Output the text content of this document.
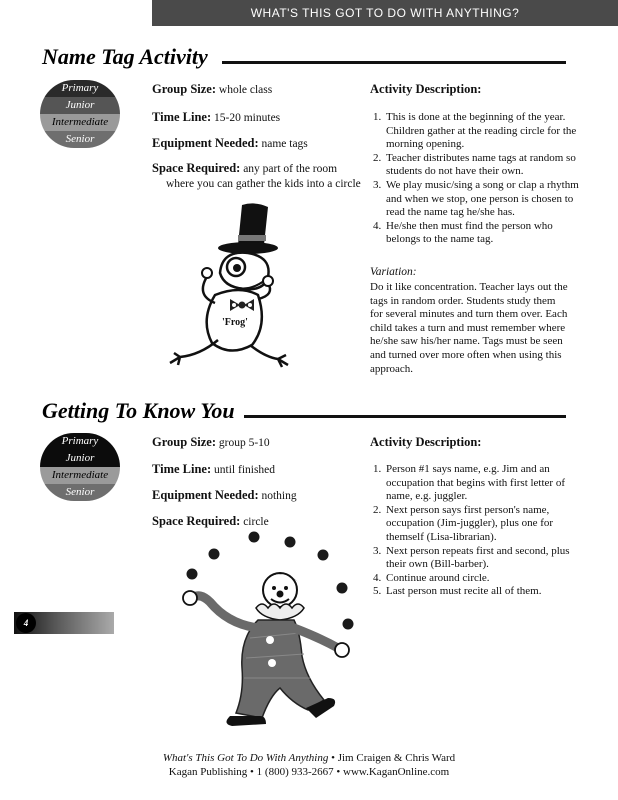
WHAT'S THIS GOT TO DO WITH ANYTHING?
Name Tag Activity
Primary
Junior
Intermediate
Senior
Group Size: whole class
Time Line: 15-20 minutes
Equipment Needed: name tags
Space Required: any part of the room
where you can gather the kids into a circle
'Frog'
Activity Description:
1. This is done at the beginning of the year. Children gather at the reading circle for the morning opening.
2. Teacher distributes name tags at random so students do not have their own.
3. We play music/sing a song or clap a rhythm and when we stop, one person is chosen to read the name tag he/she has.
4. He/she then must find the person who belongs to the name tag.
Variation:
Do it like concentration. Teacher lays out the tags in random order. Students study them for several minutes and turn them over. Each child takes a turn and must remember where he/she saw his/her name. Tags must be seen and turned over more often when using this approach.
Getting To Know You
Primary
Junior
Intermediate
Senior
Group Size: group 5-10
Time Line: until finished
Equipment Needed: nothing
Space Required: circle
Activity Description:
1. Person #1 says name, e.g. Jim and an occupation that begins with first letter of name, e.g. juggler.
2. Next person says first person's name, occupation (Jim-juggler), plus one for themself (Lisa-librarian).
3. Next person repeats first and second, plus their own (Bill-barber).
4. Continue around circle.
5. Last person must recite all of them.
4
What's This Got To Do With Anything • Jim Craigen & Chris Ward
Kagan Publishing • 1 (800) 933-2667 • www.KaganOnline.com
